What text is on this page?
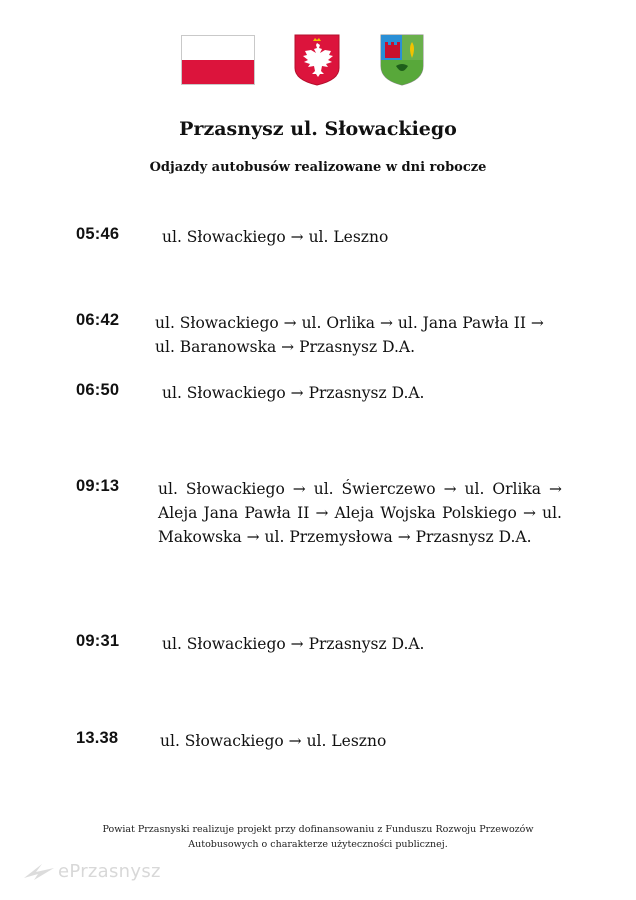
Przasnysz ul. Słowackiego
Odjazdy autobusów realizowane w dni robocze
05:46	ul. Słowackiego → ul. Leszno
06:42 ul. Słowackiego → ul. Orlika → ul. Jana Pawła II → ul. Baranowska → Przasnysz D.A.
06:50	ul. Słowackiego → Przasnysz D.A.
09:13	ul. Słowackiego → ul. Świerczewo → ul. Orlika → Aleja Jana Pawła II → Aleja Wojska Polskiego → ul. Makowska → ul. Przemysłowa → Przasnysz D.A.
09:31	ul. Słowackiego → Przasnysz D.A.
13.38	ul. Słowackiego → ul. Leszno
Powiat Przasnyski realizuje projekt przy dofinansowaniu z Funduszu Rozwoju Przewozów
Autobusowych o charakterze użyteczności publicznej.
ePrzasnysz
